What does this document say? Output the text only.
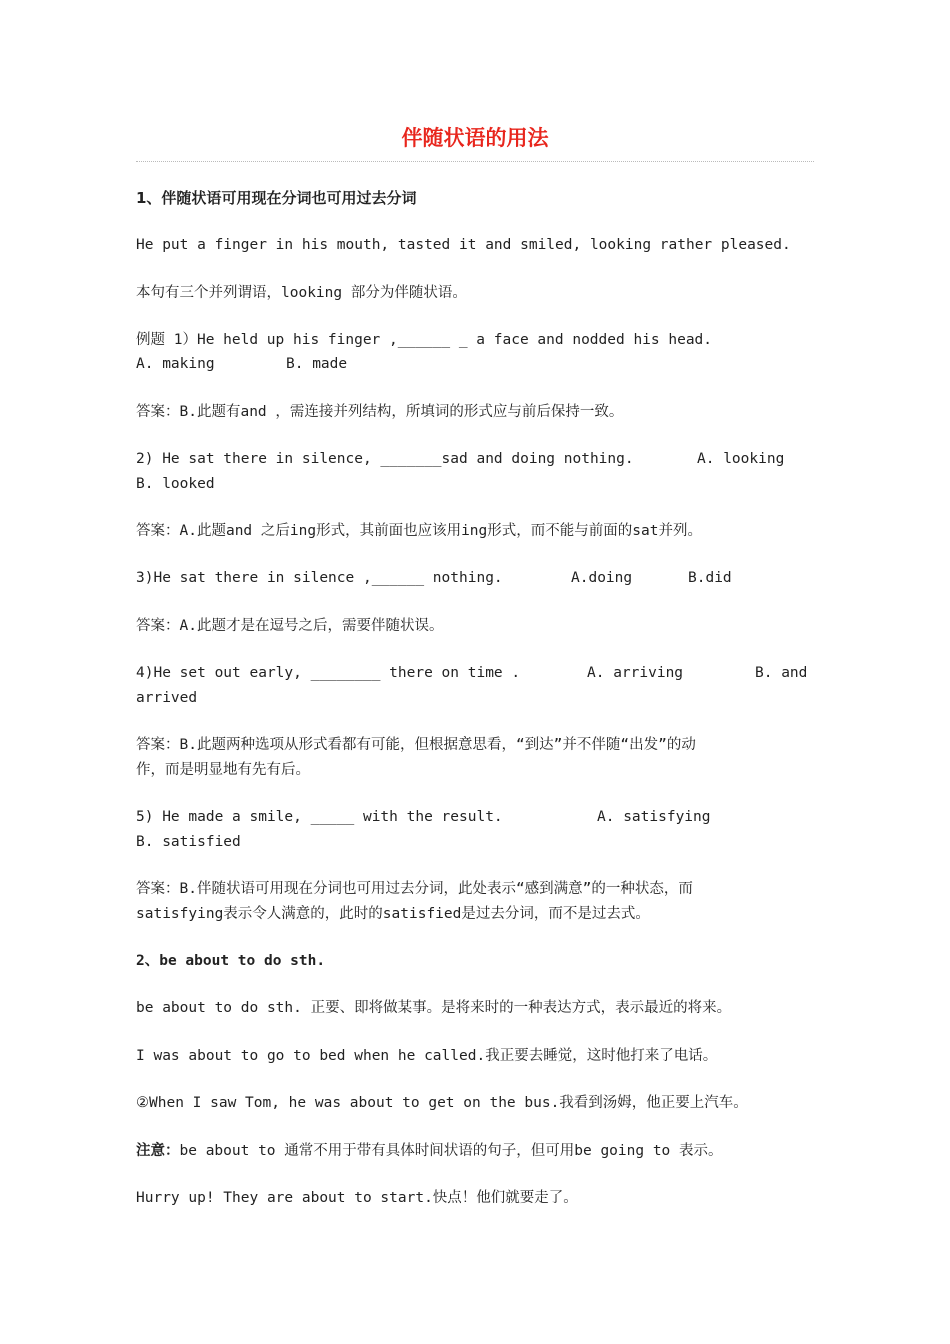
伴随状语的用法
1、伴随状语可用现在分词也可用过去分词
He put a finger in his mouth, tasted it and smiled, looking rather pleased.
本句有三个并列谓语，looking 部分为伴随状语。
例题 1）He held up his finger ,______ _ a face and nodded his head.
A. making	B. made
答案：B.此题有and ，需连接并列结构，所填词的形式应与前后保持一致。
2) He sat there in silence, _______sad and doing nothing.	A. looking
B. looked
答案：A.此题and 之后ing形式，其前面也应该用ing形式，而不能与前面的sat并列。
3)He sat there in silence ,______ nothing.	A.doing	B.did
答案：A.此题才是在逗号之后，需要伴随状误。
4)He set out early, ________ there on time .	A. arriving	B. and
arrived
答案：B.此题两种选项从形式看都有可能，但根据意思看，“到达”并不伴随“出发”的动
作，而是明显地有先有后。
5) He made a smile, _____ with the result.	A. satisfying
B. satisfied
答案：B.伴随状语可用现在分词也可用过去分词，此处表示“感到满意”的一种状态，而
satisfying表示令人满意的，此时的satisfied是过去分词，而不是过去式。
2、be about to do sth.
be about to do sth. 正要、即将做某事。是将来时的一种表达方式，表示最近的将来。
I was about to go to bed when he called.我正要去睡觉，这时他打来了电话。
②When I saw Tom, he was about to get on the bus.我看到汤姆，他正要上汽车。
注意：be about to 通常不用于带有具体时间状语的句子，但可用be going to 表示。
Hurry up! They are about to start.快点！他们就要走了。
